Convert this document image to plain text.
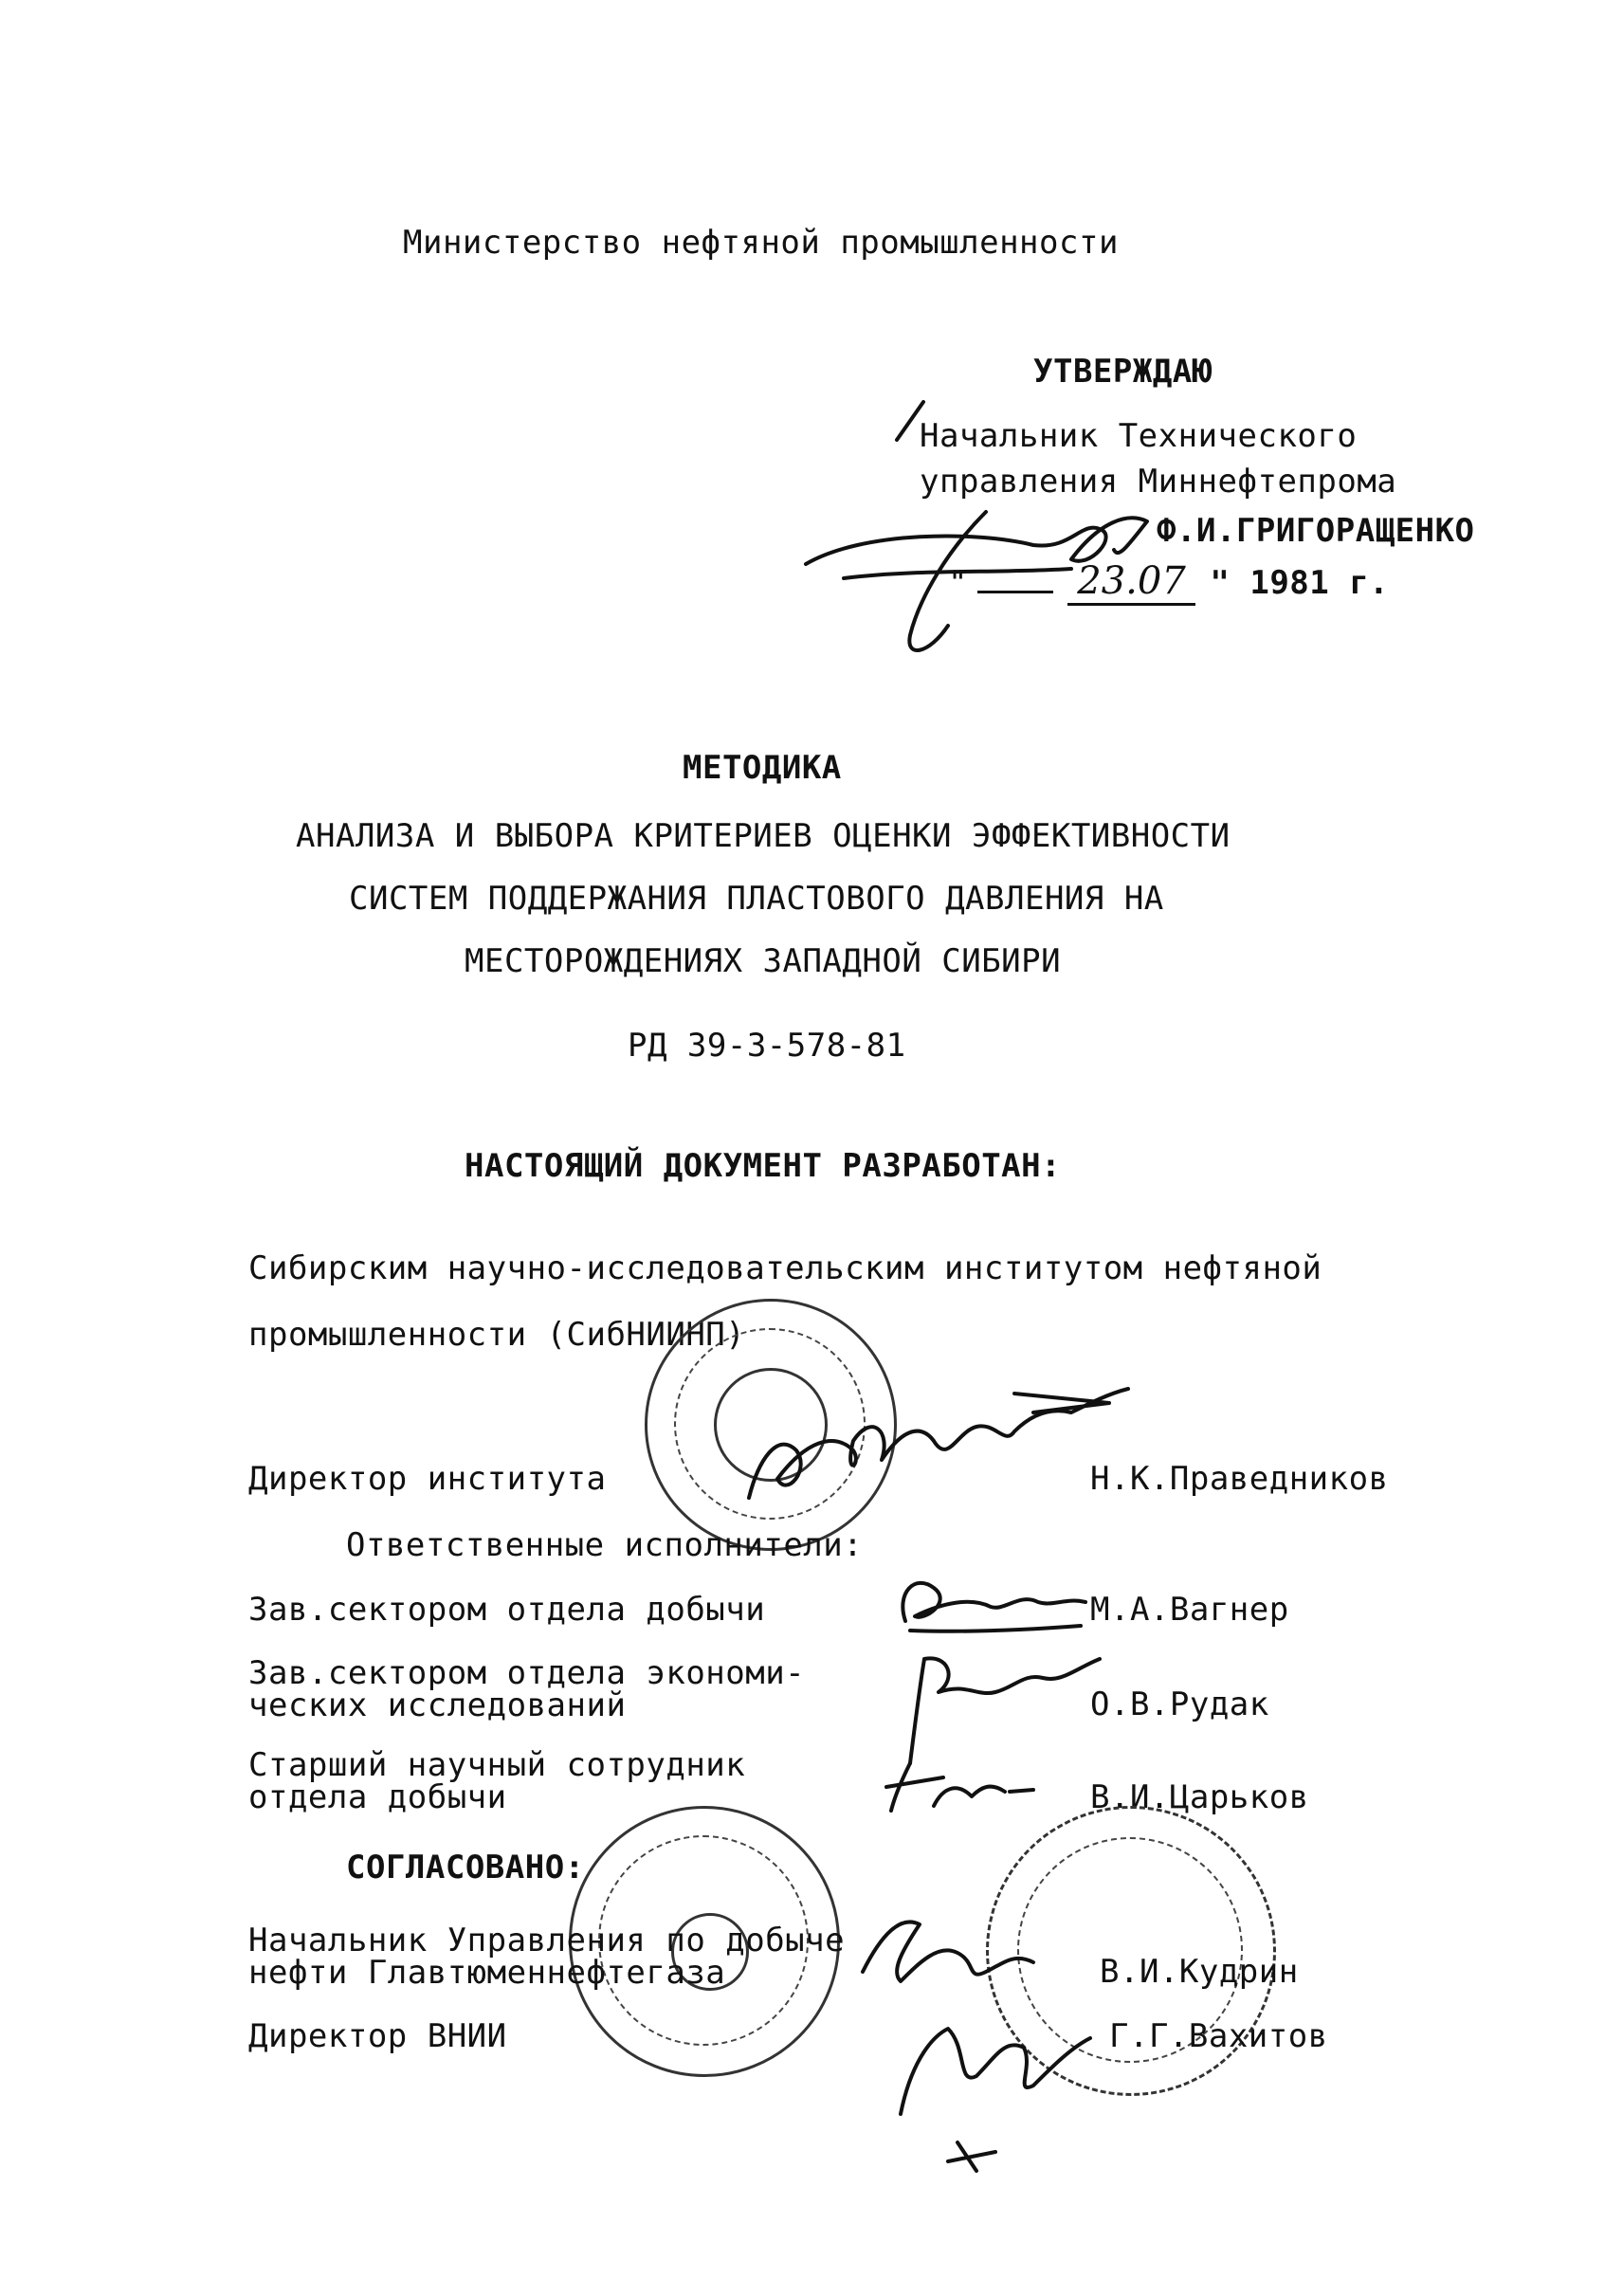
Министерство нефтяной промышленности
УТВЕРЖДАЮ
Начальник Технического
управления Миннефтепрома
Ф.И.ГРИГОРАЩЕНКО
"	23.07 " 1981 г.
МЕТОДИКА
АНАЛИЗА И ВЫБОРА КРИТЕРИЕВ ОЦЕНКИ ЭФФЕКТИВНОСТИ
СИСТЕМ ПОДДЕРЖАНИЯ ПЛАСТОВОГО ДАВЛЕНИЯ НА
МЕСТОРОЖДЕНИЯХ ЗАПАДНОЙ СИБИРИ
РД 39-3-578-81
НАСТОЯЩИЙ ДОКУМЕНТ РАЗРАБОТАН:
Сибирским научно-исследовательским институтом нефтяной
промышленности (СибНИИНП)
Директор института	Н.К.Праведников
Ответственные исполнители:
Зав.сектором отдела добычи	М.А.Вагнер
Зав.сектором отдела экономи-
ческих исследований	О.В.Рудак
Старший научный сотрудник
отдела добычи	В.И.Царьков
СОГЛАСОВАНО:
Начальник Управления по добыче
нефти Главтюменнефтегаза	В.И.Кудрин
Директор ВНИИ	Г.Г.Вахитов
